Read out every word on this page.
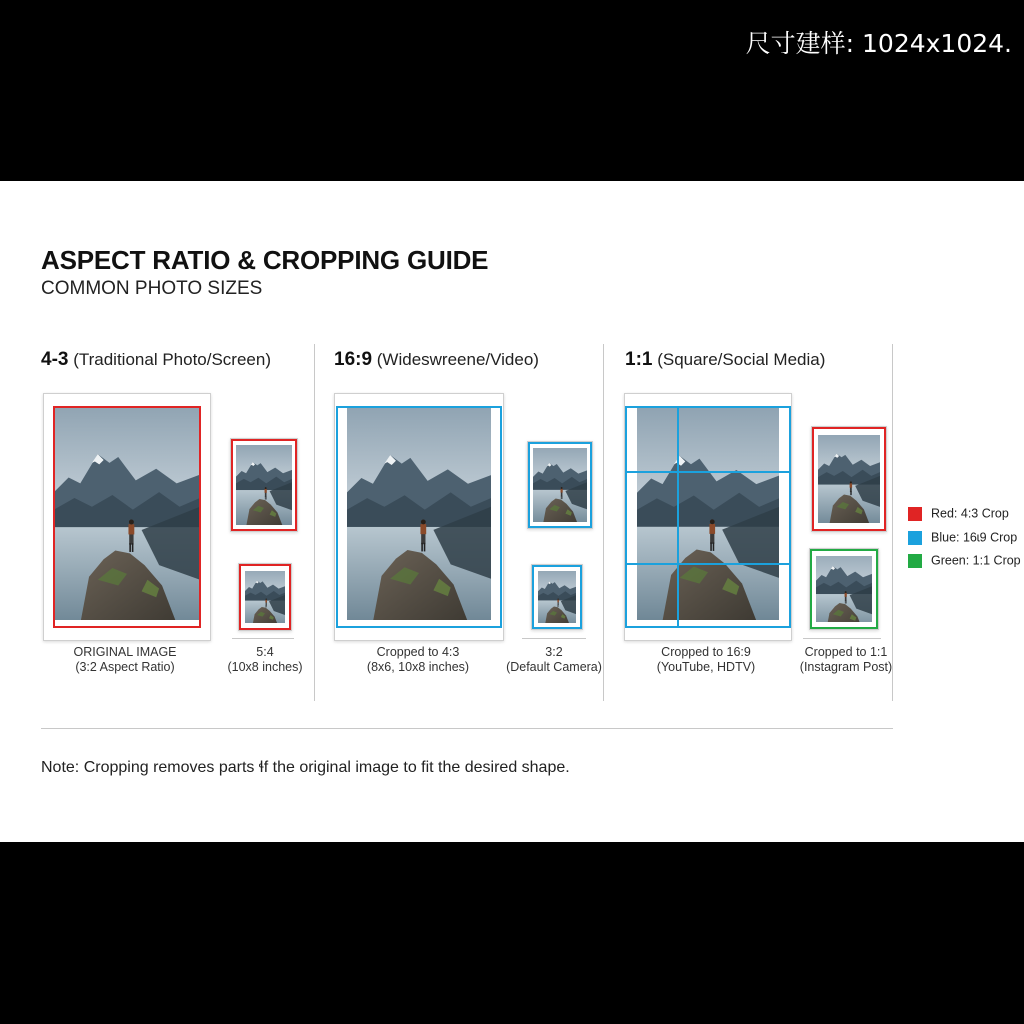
尺寸建样: 1024x1024.
ASPECT RATIO & CROPPING GUIDE
COMMON PHOTO SIZES
4-3 (Traditional Photo/Screen)	16:9 (Wideswreene/Video)	1:1 (Square/Social Media)
ORIGINAL IMAGE
(3:2 Aspect Ratio)
5:4
(10x8 inches)
Cropped to 4:3
(8x6, 10x8 inches)
3:2
(Default Camera)
Cropped to 16:9
(YouTube, HDTV)
Cropped to 1:1
(Instagram Post)
Red: 4:3 Crop
Blue: 16ɩ9 Crop
Green: 1:1 Crop
Note: Cropping removes parts ɬf the original image to fit the desired shape.
